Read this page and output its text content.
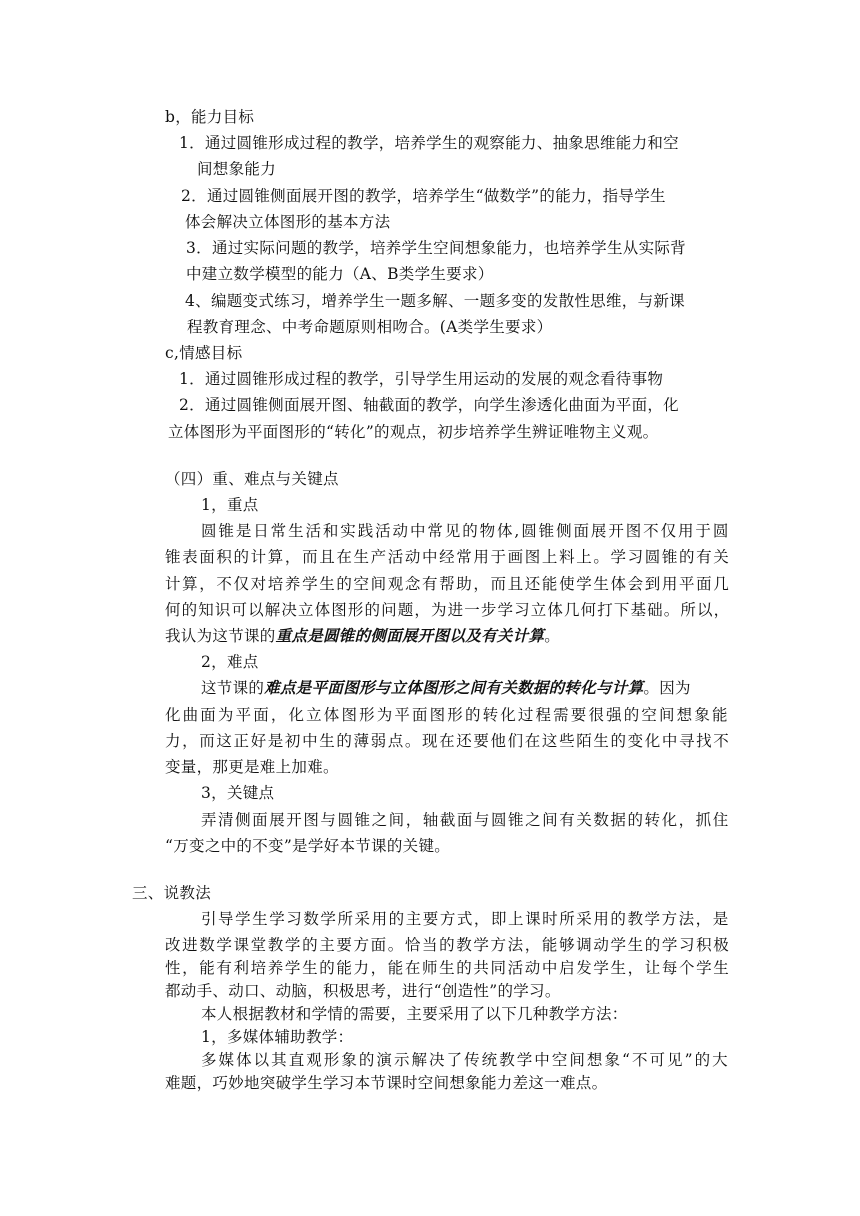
b，能力目标
1．通过圆锥形成过程的教学，培养学生的观察能力、抽象思维能力和空
间想象能力
2．通过圆锥侧面展开图的教学，培养学生“做数学”的能力，指导学生
体会解决立体图形的基本方法
3．通过实际问题的教学，培养学生空间想象能力，也培养学生从实际背
中建立数学模型的能力（A、B类学生要求）
4、编题变式练习，增养学生一题多解、一题多变的发散性思维，与新课
程教育理念、中考命题原则相吻合。(A类学生要求）
c,情感目标
1．通过圆锥形成过程的教学，引导学生用运动的发展的观念看待事物
2．通过圆锥侧面展开图、轴截面的教学，向学生渗透化曲面为平面，化
立体图形为平面图形的“转化”的观点，初步培养学生辨证唯物主义观。
（四）重、难点与关键点
1，重点
圆锥是日常生活和实践活动中常见的物体,圆锥侧面展开图不仅用于圆
锥表面积的计算，而且在生产活动中经常用于画图上料上。学习圆锥的有关
计算，不仅对培养学生的空间观念有帮助，而且还能使学生体会到用平面几
何的知识可以解决立体图形的问题，为进一步学习立体几何打下基础。所以，
我认为这节课的重点是圆锥的侧面展开图以及有关计算。
2，难点
这节课的难点是平面图形与立体图形之间有关数据的转化与计算。因为
化曲面为平面，化立体图形为平面图形的转化过程需要很强的空间想象能
力，而这正好是初中生的薄弱点。现在还要他们在这些陌生的变化中寻找不
变量，那更是难上加难。
3，关键点
弄清侧面展开图与圆锥之间，轴截面与圆锥之间有关数据的转化，抓住
“万变之中的不变”是学好本节课的关键。
三、说教法
引导学生学习数学所采用的主要方式，即上课时所采用的教学方法，是
改进数学课堂教学的主要方面。恰当的教学方法，能够调动学生的学习积极
性，能有利培养学生的能力，能在师生的共同活动中启发学生，让每个学生
都动手、动口、动脑，积极思考，进行“创造性”的学习。
本人根据教材和学情的需要，主要采用了以下几种教学方法：
1，多媒体辅助教学：
多媒体以其直观形象的演示解决了传统教学中空间想象“不可见”的大
难题，巧妙地突破学生学习本节课时空间想象能力差这一难点。
